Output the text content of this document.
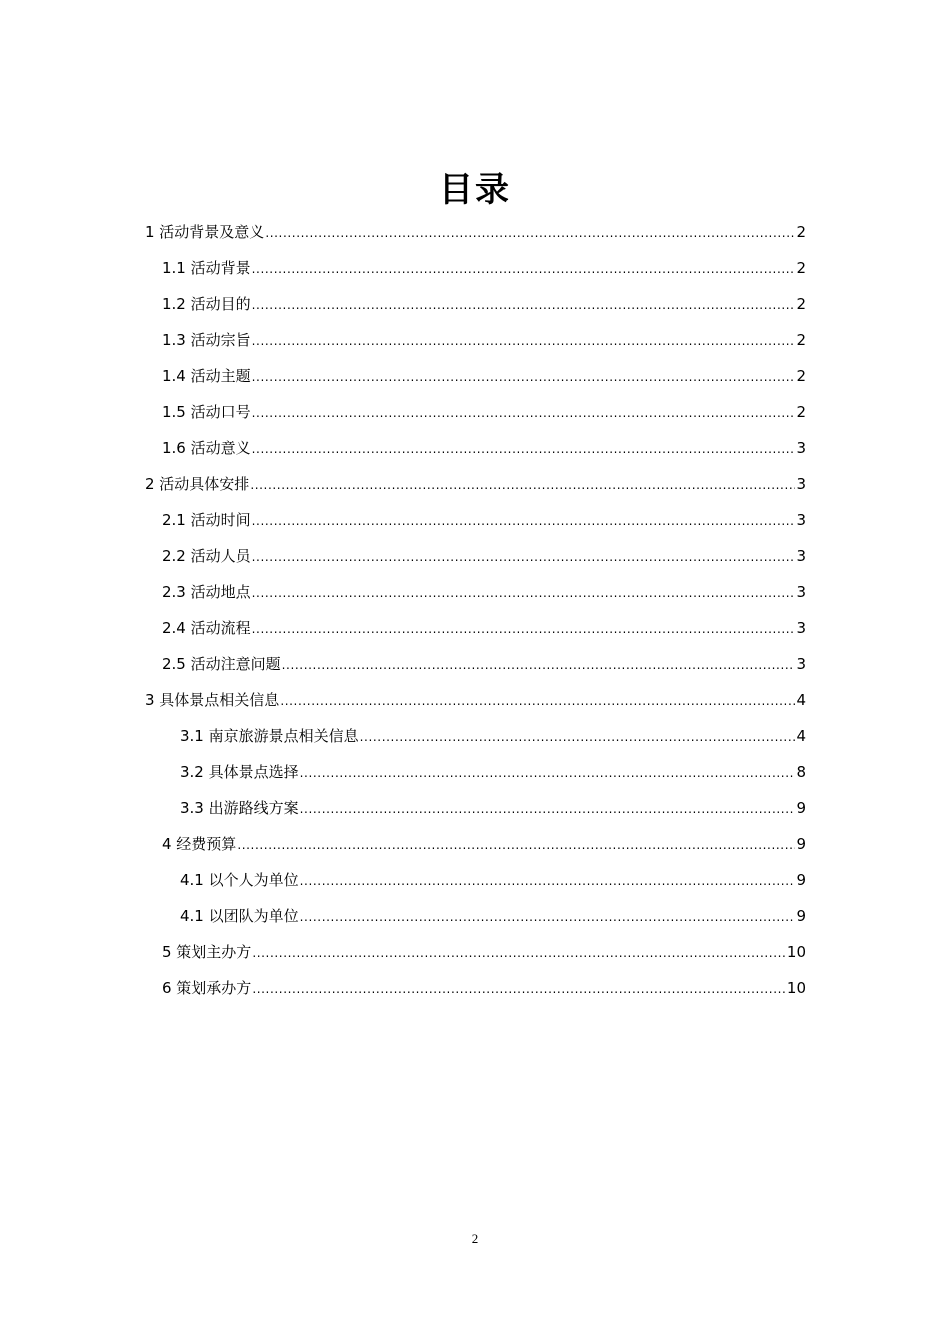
目录
1 活动背景及意义 .....	2
1.1 活动背景 .....	2
1.2 活动目的 .....	2
1.3 活动宗旨 .....	2
1.4 活动主题 .....	2
1.5 活动口号 .....	2
1.6 活动意义 .....	3
2 活动具体安排 .....	3
2.1 活动时间 .....	3
2.2 活动人员 .....	3
2.3 活动地点 .....	3
2.4 活动流程 .....	3
2.5 活动注意问题 .....	3
3 具体景点相关信息 .....	4
3.1 南京旅游景点相关信息 .....	4
3.2 具体景点选择 .....	8
3.3 出游路线方案 .....	9
4 经费预算 .....	9
4.1 以个人为单位 .....	9
4.1 以团队为单位 .....	9
5 策划主办方 .....	10
6 策划承办方 .....	10
2
